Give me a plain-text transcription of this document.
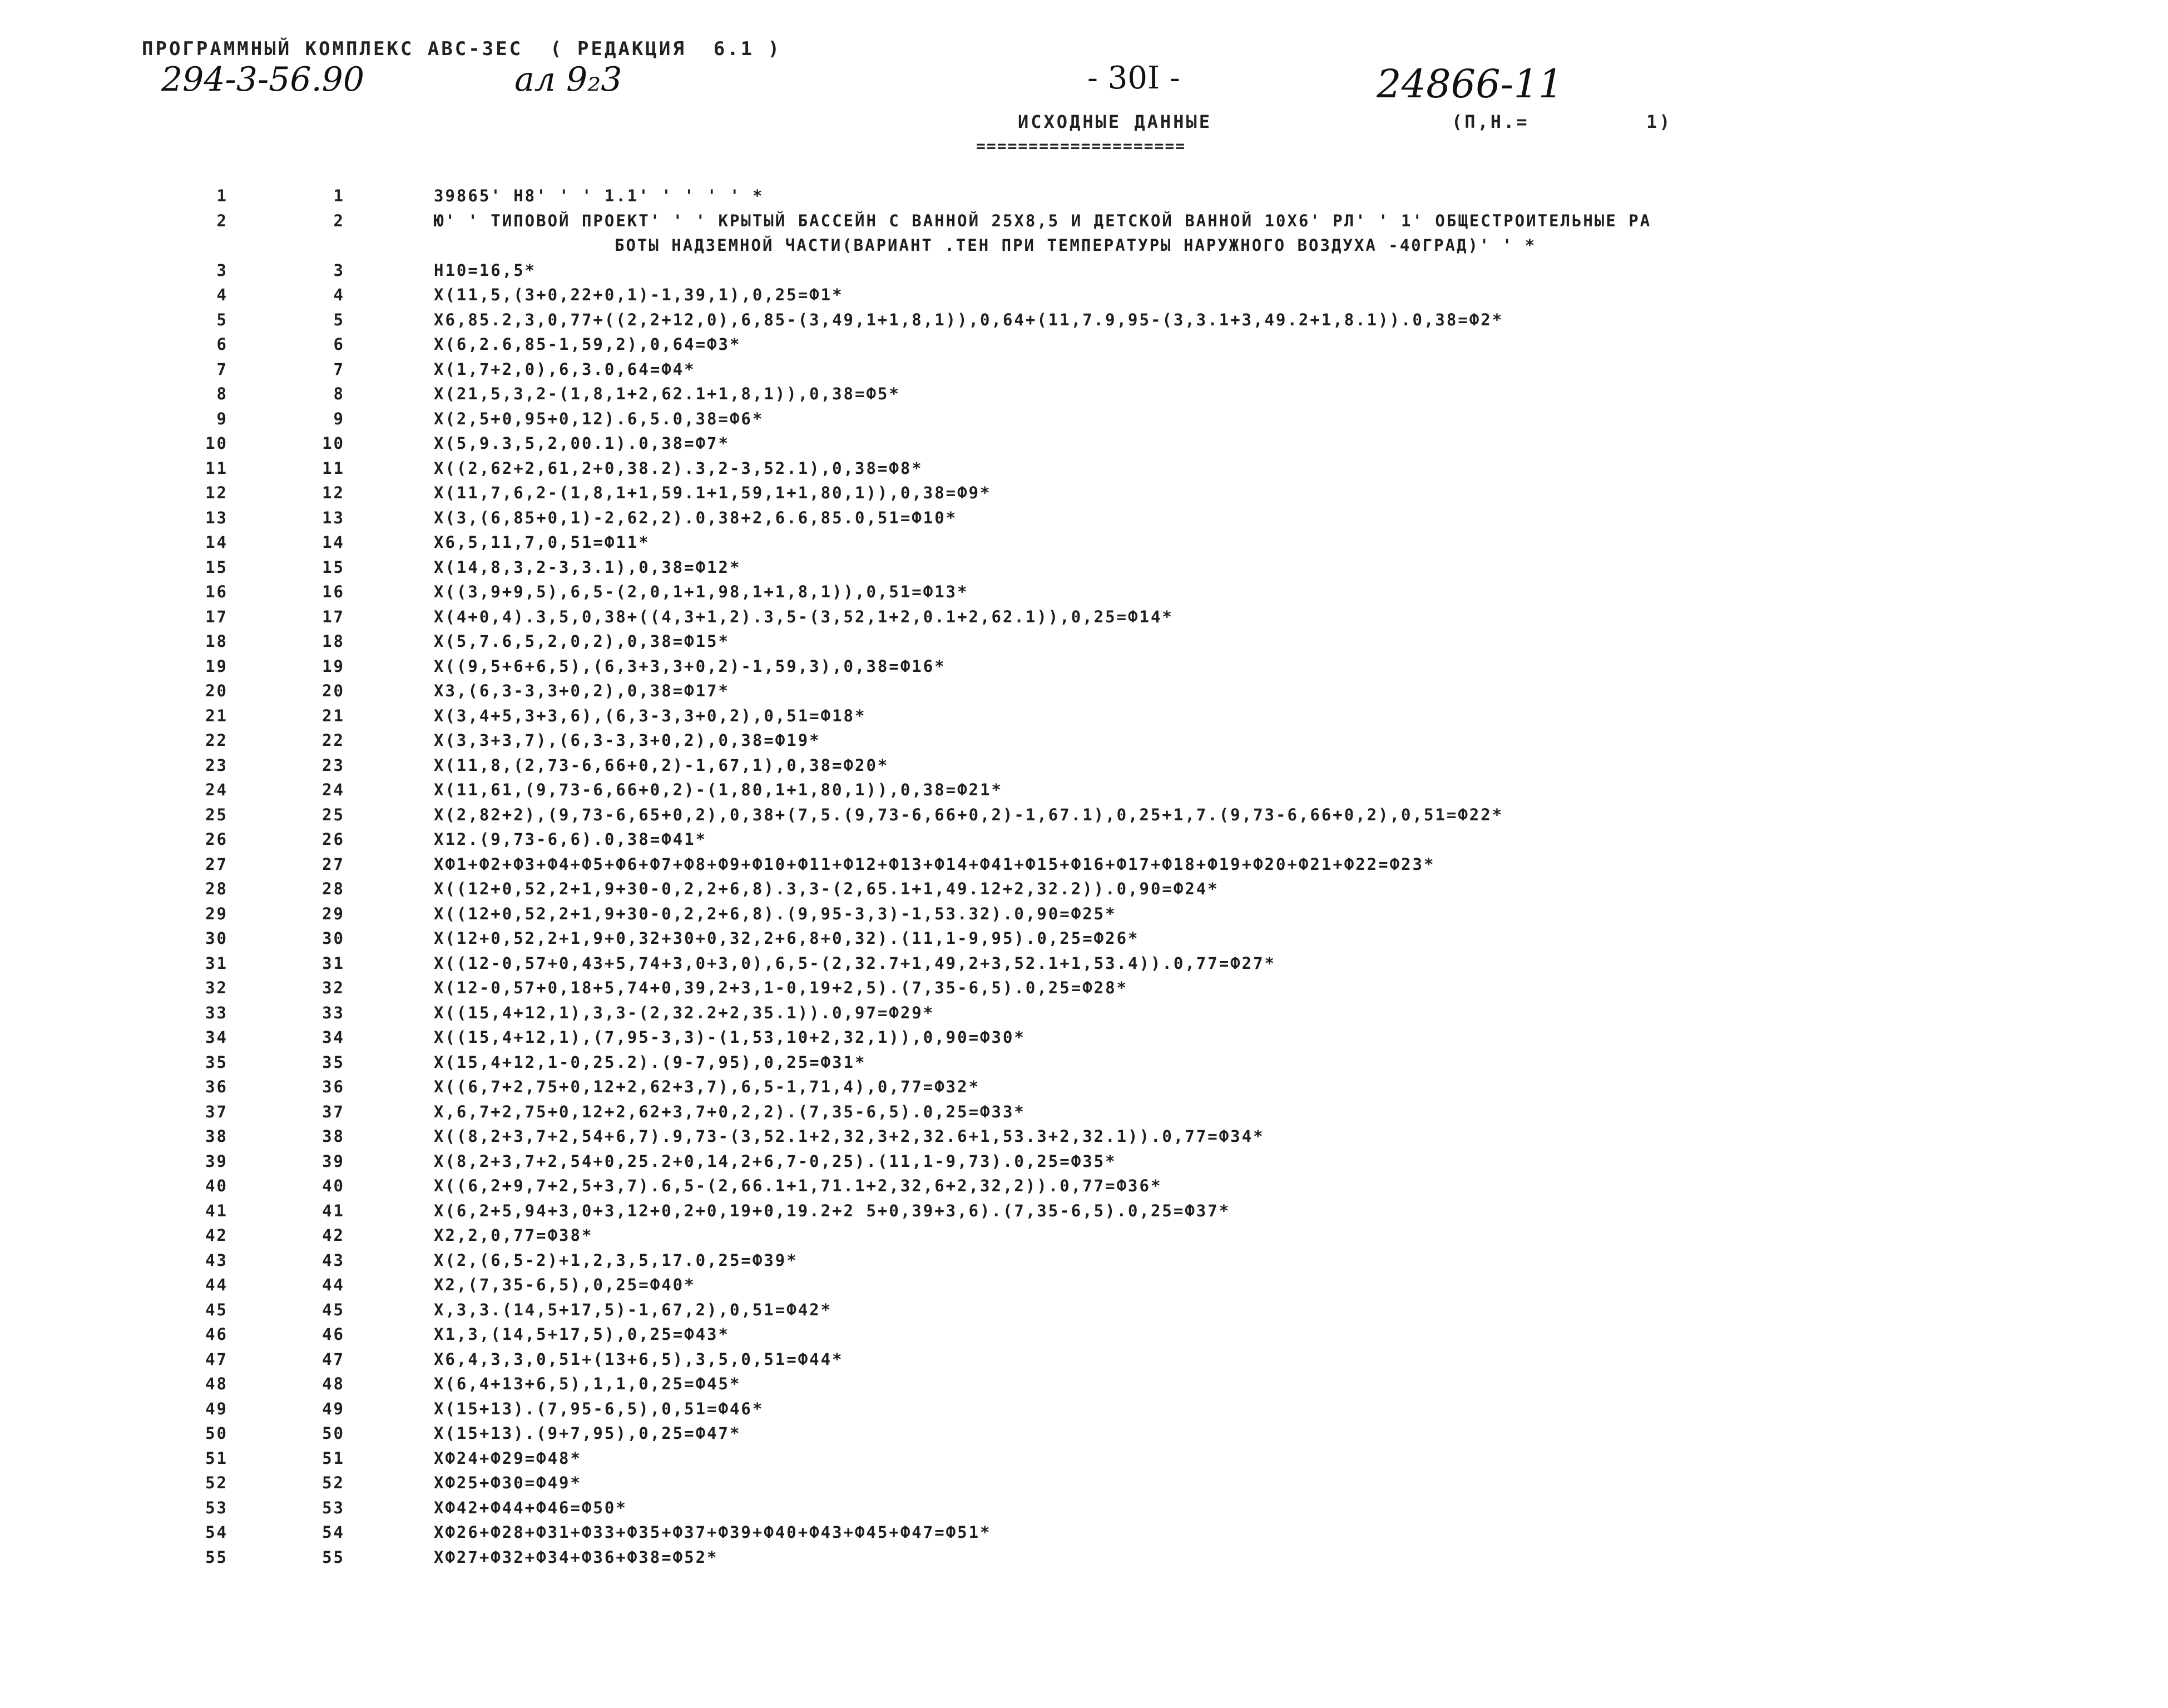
ПРОГРАММНЫЙ КОМПЛЕКС АВС-3ЕС  ( РЕДАКЦИЯ  6.1 )
294-3-56.90	ал 9₂3	- 30I -	24866-11
ИСХОДНЫЕ ДАННЫЕ	(П,Н.=	1)
====================
1	1	39865' Н8' ' ' 1.1' ' ' ' ' *
2	2	Ю' ' ТИПОВОЙ ПРОЕКТ' ' ' КРЫТЫЙ БАССЕЙН С ВАННОЙ 25Х8,5 И ДЕТСКОЙ ВАННОЙ 10Х6' РЛ' ' 1' ОБЩЕСТРОИТЕЛЬНЫЕ РА
БОТЫ НАДЗЕМНОЙ ЧАСТИ(ВАРИАНТ .ТЕН ПРИ ТЕМПЕРАТУРЫ НАРУЖНОГО ВОЗДУХА -40ГРАД)' ' *
3	3	Н10=16,5*
4	4	Х(11,5,(3+0,22+0,1)-1,39,1),0,25=Ф1*
5	5	Х6,85.2,3,0,77+((2,2+12,0),6,85-(3,49,1+1,8,1)),0,64+(11,7.9,95-(3,3.1+3,49.2+1,8.1)).0,38=Ф2*
6	6	Х(6,2.6,85-1,59,2),0,64=Ф3*
7	7	Х(1,7+2,0),6,3.0,64=Ф4*
8	8	Х(21,5,3,2-(1,8,1+2,62.1+1,8,1)),0,38=Ф5*
9	9	Х(2,5+0,95+0,12).6,5.0,38=Ф6*
10	10	Х(5,9.3,5,2,00.1).0,38=Ф7*
11	11	Х((2,62+2,61,2+0,38.2).3,2-3,52.1),0,38=Ф8*
12	12	Х(11,7,6,2-(1,8,1+1,59.1+1,59,1+1,80,1)),0,38=Ф9*
13	13	Х(3,(6,85+0,1)-2,62,2).0,38+2,6.6,85.0,51=Ф10*
14	14	Х6,5,11,7,0,51=Ф11*
15	15	Х(14,8,3,2-3,3.1),0,38=Ф12*
16	16	Х((3,9+9,5),6,5-(2,0,1+1,98,1+1,8,1)),0,51=Ф13*
17	17	Х(4+0,4).3,5,0,38+((4,3+1,2).3,5-(3,52,1+2,0.1+2,62.1)),0,25=Ф14*
18	18	Х(5,7.6,5,2,0,2),0,38=Ф15*
19	19	Х((9,5+6+6,5),(6,3+3,3+0,2)-1,59,3),0,38=Ф16*
20	20	Х3,(6,3-3,3+0,2),0,38=Ф17*
21	21	Х(3,4+5,3+3,6),(6,3-3,3+0,2),0,51=Ф18*
22	22	Х(3,3+3,7),(6,3-3,3+0,2),0,38=Ф19*
23	23	Х(11,8,(2,73-6,66+0,2)-1,67,1),0,38=Ф20*
24	24	Х(11,61,(9,73-6,66+0,2)-(1,80,1+1,80,1)),0,38=Ф21*
25	25	Х(2,82+2),(9,73-6,65+0,2),0,38+(7,5.(9,73-6,66+0,2)-1,67.1),0,25+1,7.(9,73-6,66+0,2),0,51=Ф22*
26	26	Х12.(9,73-6,6).0,38=Ф41*
27	27	ХФ1+Ф2+Ф3+Ф4+Ф5+Ф6+Ф7+Ф8+Ф9+Ф10+Ф11+Ф12+Ф13+Ф14+Ф41+Ф15+Ф16+Ф17+Ф18+Ф19+Ф20+Ф21+Ф22=Ф23*
28	28	Х((12+0,52,2+1,9+30-0,2,2+6,8).3,3-(2,65.1+1,49.12+2,32.2)).0,90=Ф24*
29	29	Х((12+0,52,2+1,9+30-0,2,2+6,8).(9,95-3,3)-1,53.32).0,90=Ф25*
30	30	Х(12+0,52,2+1,9+0,32+30+0,32,2+6,8+0,32).(11,1-9,95).0,25=Ф26*
31	31	Х((12-0,57+0,43+5,74+3,0+3,0),6,5-(2,32.7+1,49,2+3,52.1+1,53.4)).0,77=Ф27*
32	32	Х(12-0,57+0,18+5,74+0,39,2+3,1-0,19+2,5).(7,35-6,5).0,25=Ф28*
33	33	Х((15,4+12,1),3,3-(2,32.2+2,35.1)).0,97=Ф29*
34	34	Х((15,4+12,1),(7,95-3,3)-(1,53,10+2,32,1)),0,90=Ф30*
35	35	Х(15,4+12,1-0,25.2).(9-7,95),0,25=Ф31*
36	36	Х((6,7+2,75+0,12+2,62+3,7),6,5-1,71,4),0,77=Ф32*
37	37	Х,6,7+2,75+0,12+2,62+3,7+0,2,2).(7,35-6,5).0,25=Ф33*
38	38	Х((8,2+3,7+2,54+6,7).9,73-(3,52.1+2,32,3+2,32.6+1,53.3+2,32.1)).0,77=Ф34*
39	39	Х(8,2+3,7+2,54+0,25.2+0,14,2+6,7-0,25).(11,1-9,73).0,25=Ф35*
40	40	Х((6,2+9,7+2,5+3,7).6,5-(2,66.1+1,71.1+2,32,6+2,32,2)).0,77=Ф36*
41	41	Х(6,2+5,94+3,0+3,12+0,2+0,19+0,19.2+2 5+0,39+3,6).(7,35-6,5).0,25=Ф37*
42	42	Х2,2,0,77=Ф38*
43	43	Х(2,(6,5-2)+1,2,3,5,17.0,25=Ф39*
44	44	Х2,(7,35-6,5),0,25=Ф40*
45	45	Х,3,3.(14,5+17,5)-1,67,2),0,51=Ф42*
46	46	Х1,3,(14,5+17,5),0,25=Ф43*
47	47	Х6,4,3,3,0,51+(13+6,5),3,5,0,51=Ф44*
48	48	Х(6,4+13+6,5),1,1,0,25=Ф45*
49	49	Х(15+13).(7,95-6,5),0,51=Ф46*
50	50	Х(15+13).(9+7,95),0,25=Ф47*
51	51	ХФ24+Ф29=Ф48*
52	52	ХФ25+Ф30=Ф49*
53	53	ХФ42+Ф44+Ф46=Ф50*
54	54	ХФ26+Ф28+Ф31+Ф33+Ф35+Ф37+Ф39+Ф40+Ф43+Ф45+Ф47=Ф51*
55	55	ХФ27+Ф32+Ф34+Ф36+Ф38=Ф52*
